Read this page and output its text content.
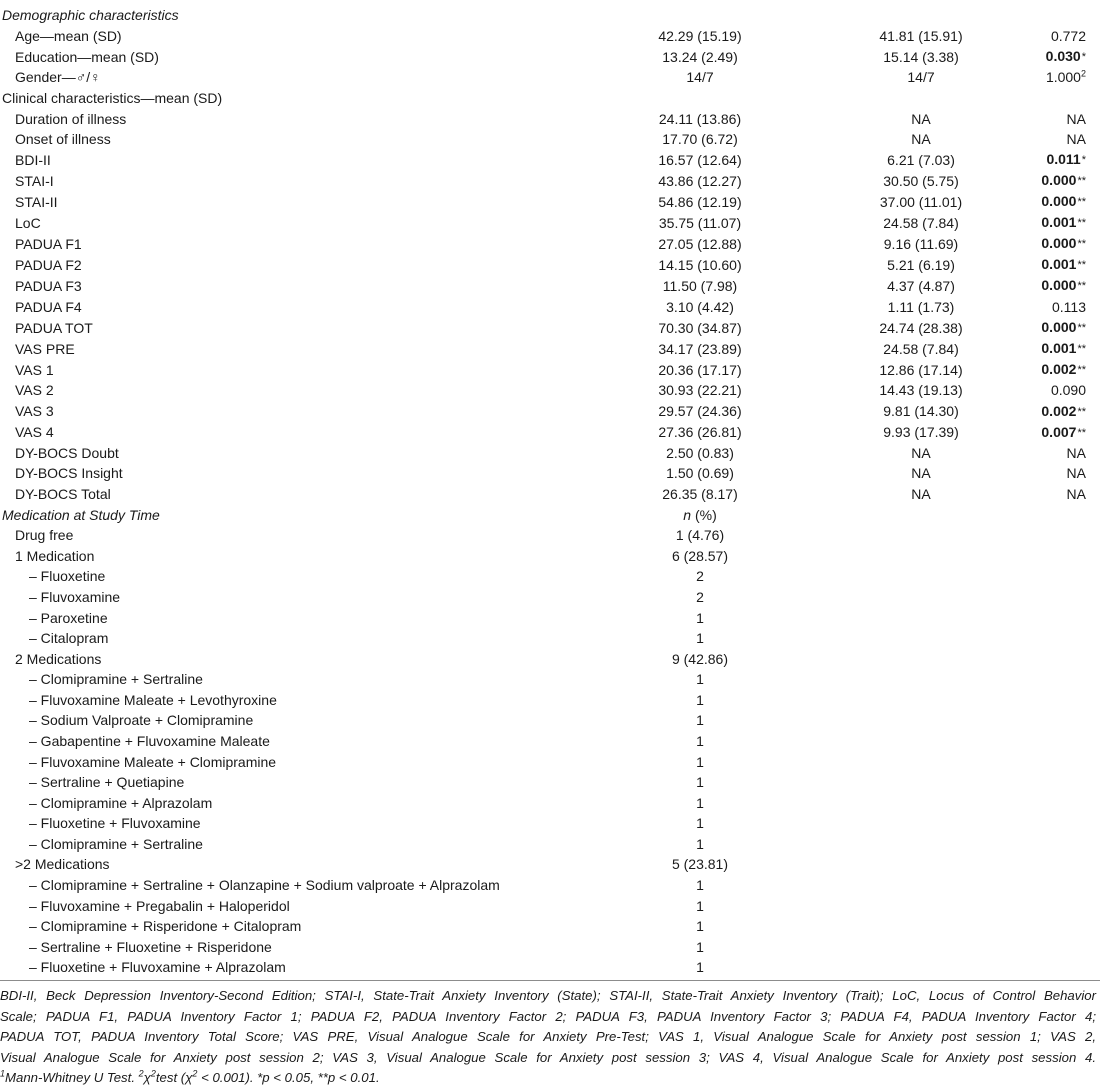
Demographic characteristics			
Age—mean (SD)	42.29 (15.19)	41.81 (15.91)	0.772
Education—mean (SD)	13.24 (2.49)	15.14 (3.38)	0.030*
Gender—♂/♀	14/7	14/7	1.000$^2$
Clinical characteristics—mean (SD)			
Duration of illness	24.11 (13.86)	NA	NA
Onset of illness	17.70 (6.72)	NA	NA
BDI-II	16.57 (12.64)	6.21 (7.03)	0.011*
STAI-I	43.86 (12.27)	30.50 (5.75)	0.000**
STAI-II	54.86 (12.19)	37.00 (11.01)	0.000**
LoC	35.75 (11.07)	24.58 (7.84)	0.001**
PADUA F1	27.05 (12.88)	9.16 (11.69)	0.000**
PADUA F2	14.15 (10.60)	5.21 (6.19)	0.001**
PADUA F3	11.50 (7.98)	4.37 (4.87)	0.000**
PADUA F4	3.10 (4.42)	1.11 (1.73)	0.113
PADUA TOT	70.30 (34.87)	24.74 (28.38)	0.000**
VAS PRE	34.17 (23.89)	24.58 (7.84)	0.001**
VAS 1	20.36 (17.17)	12.86 (17.14)	0.002**
VAS 2	30.93 (22.21)	14.43 (19.13)	0.090
VAS 3	29.57 (24.36)	9.81 (14.30)	0.002**
VAS 4	27.36 (26.81)	9.93 (17.39)	0.007**
DY-BOCS Doubt	2.50 (0.83)	NA	NA
DY-BOCS Insight	1.50 (0.69)	NA	NA
DY-BOCS Total	26.35 (8.17)	NA	NA
Medication at Study Time	n (%)		
Drug free	1 (4.76)		
1 Medication	6 (28.57)		
– Fluoxetine	2		
– Fluvoxamine	2		
– Paroxetine	1		
– Citalopram	1		
2 Medications	9 (42.86)		
– Clomipramine + Sertraline	1		
– Fluvoxamine Maleate + Levothyroxine	1		
– Sodium Valproate + Clomipramine	1		
– Gabapentine + Fluvoxamine Maleate	1		
– Fluvoxamine Maleate + Clomipramine	1		
– Sertraline + Quetiapine	1		
– Clomipramine + Alprazolam	1		
– Fluoxetine + Fluvoxamine	1		
– Clomipramine + Sertraline	1		
>2 Medications	5 (23.81)		
– Clomipramine + Sertraline + Olanzapine + Sodium valproate + Alprazolam	1		
– Fluvoxamine + Pregabalin + Haloperidol	1		
– Clomipramine + Risperidone + Citalopram	1		
– Sertraline + Fluoxetine + Risperidone	1		
– Fluoxetine + Fluvoxamine + Alprazolam	1		

BDI-II, Beck Depression Inventory-Second Edition; STAI-I, State-Trait Anxiety Inventory (State); STAI-II, State-Trait Anxiety Inventory (Trait); LoC, Locus of Control Behavior

Scale; PADUA F1, PADUA Inventory Factor 1; PADUA F2, PADUA Inventory Factor 2; PADUA F3, PADUA Inventory Factor 3; PADUA F4, PADUA Inventory Factor 4;

PADUA TOT, PADUA Inventory Total Score; VAS PRE, Visual Analogue Scale for Anxiety Pre-Test; VAS 1, Visual Analogue Scale for Anxiety post session 1; VAS 2,

Visual Analogue Scale for Anxiety post session 2; VAS 3, Visual Analogue Scale for Anxiety post session 3; VAS 4, Visual Analogue Scale for Anxiety post session 4.

$^1$Mann-Whitney U Test. $^2\chi^2test$ $(\chi^2 < 0.001)$. *p < 0.05, **p < 0.01.
